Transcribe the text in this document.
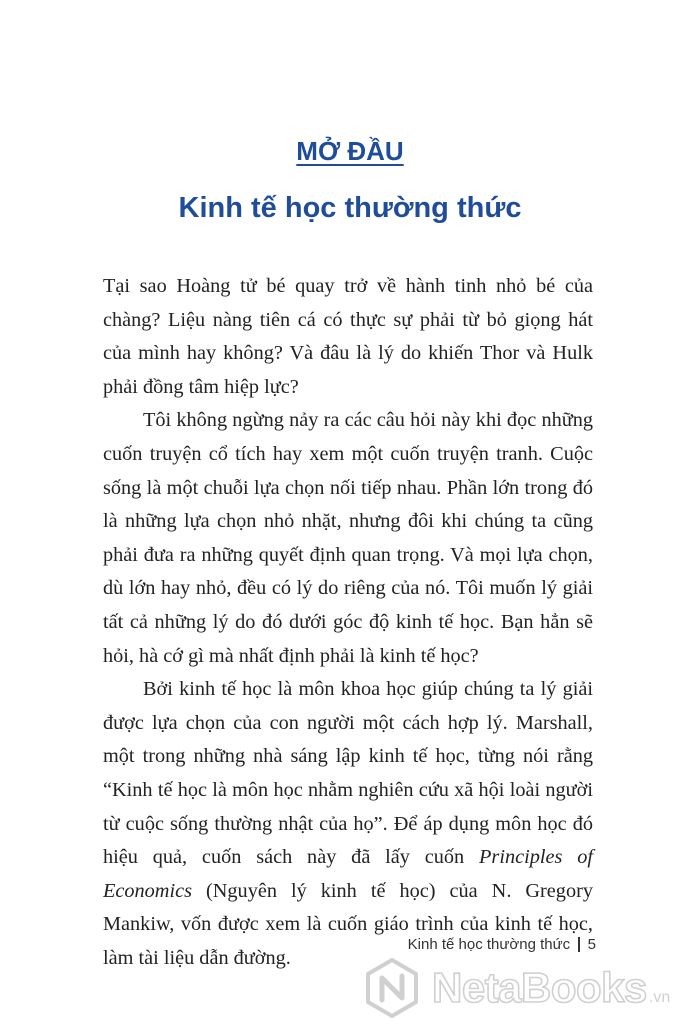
MỞ ĐẦU
Kinh tế học thường thức

Tại sao Hoàng tử bé quay trở về hành tinh nhỏ bé của chàng? Liệu nàng tiên cá có thực sự phải từ bỏ giọng hát của mình hay không? Và đâu là lý do khiến Thor và Hulk phải đồng tâm hiệp lực?

Tôi không ngừng nảy ra các câu hỏi này khi đọc những cuốn truyện cổ tích hay xem một cuốn truyện tranh. Cuộc sống là một chuỗi lựa chọn nối tiếp nhau. Phần lớn trong đó là những lựa chọn nhỏ nhặt, nhưng đôi khi chúng ta cũng phải đưa ra những quyết định quan trọng. Và mọi lựa chọn, dù lớn hay nhỏ, đều có lý do riêng của nó. Tôi muốn lý giải tất cả những lý do đó dưới góc độ kinh tế học. Bạn hẳn sẽ hỏi, hà cớ gì mà nhất định phải là kinh tế học?

Bởi kinh tế học là môn khoa học giúp chúng ta lý giải được lựa chọn của con người một cách hợp lý. Marshall, một trong những nhà sáng lập kinh tế học, từng nói rằng “Kinh tế học là môn học nhằm nghiên cứu xã hội loài người từ cuộc sống thường nhật của họ”. Để áp dụng môn học đó hiệu quả, cuốn sách này đã lấy cuốn Principles of Economics (Nguyên lý kinh tế học) của N. Gregory Mankiw, vốn được xem là cuốn giáo trình của kinh tế học, làm tài liệu dẫn đường.

Kinh tế học thường thức 5
NetaBooks .vn
